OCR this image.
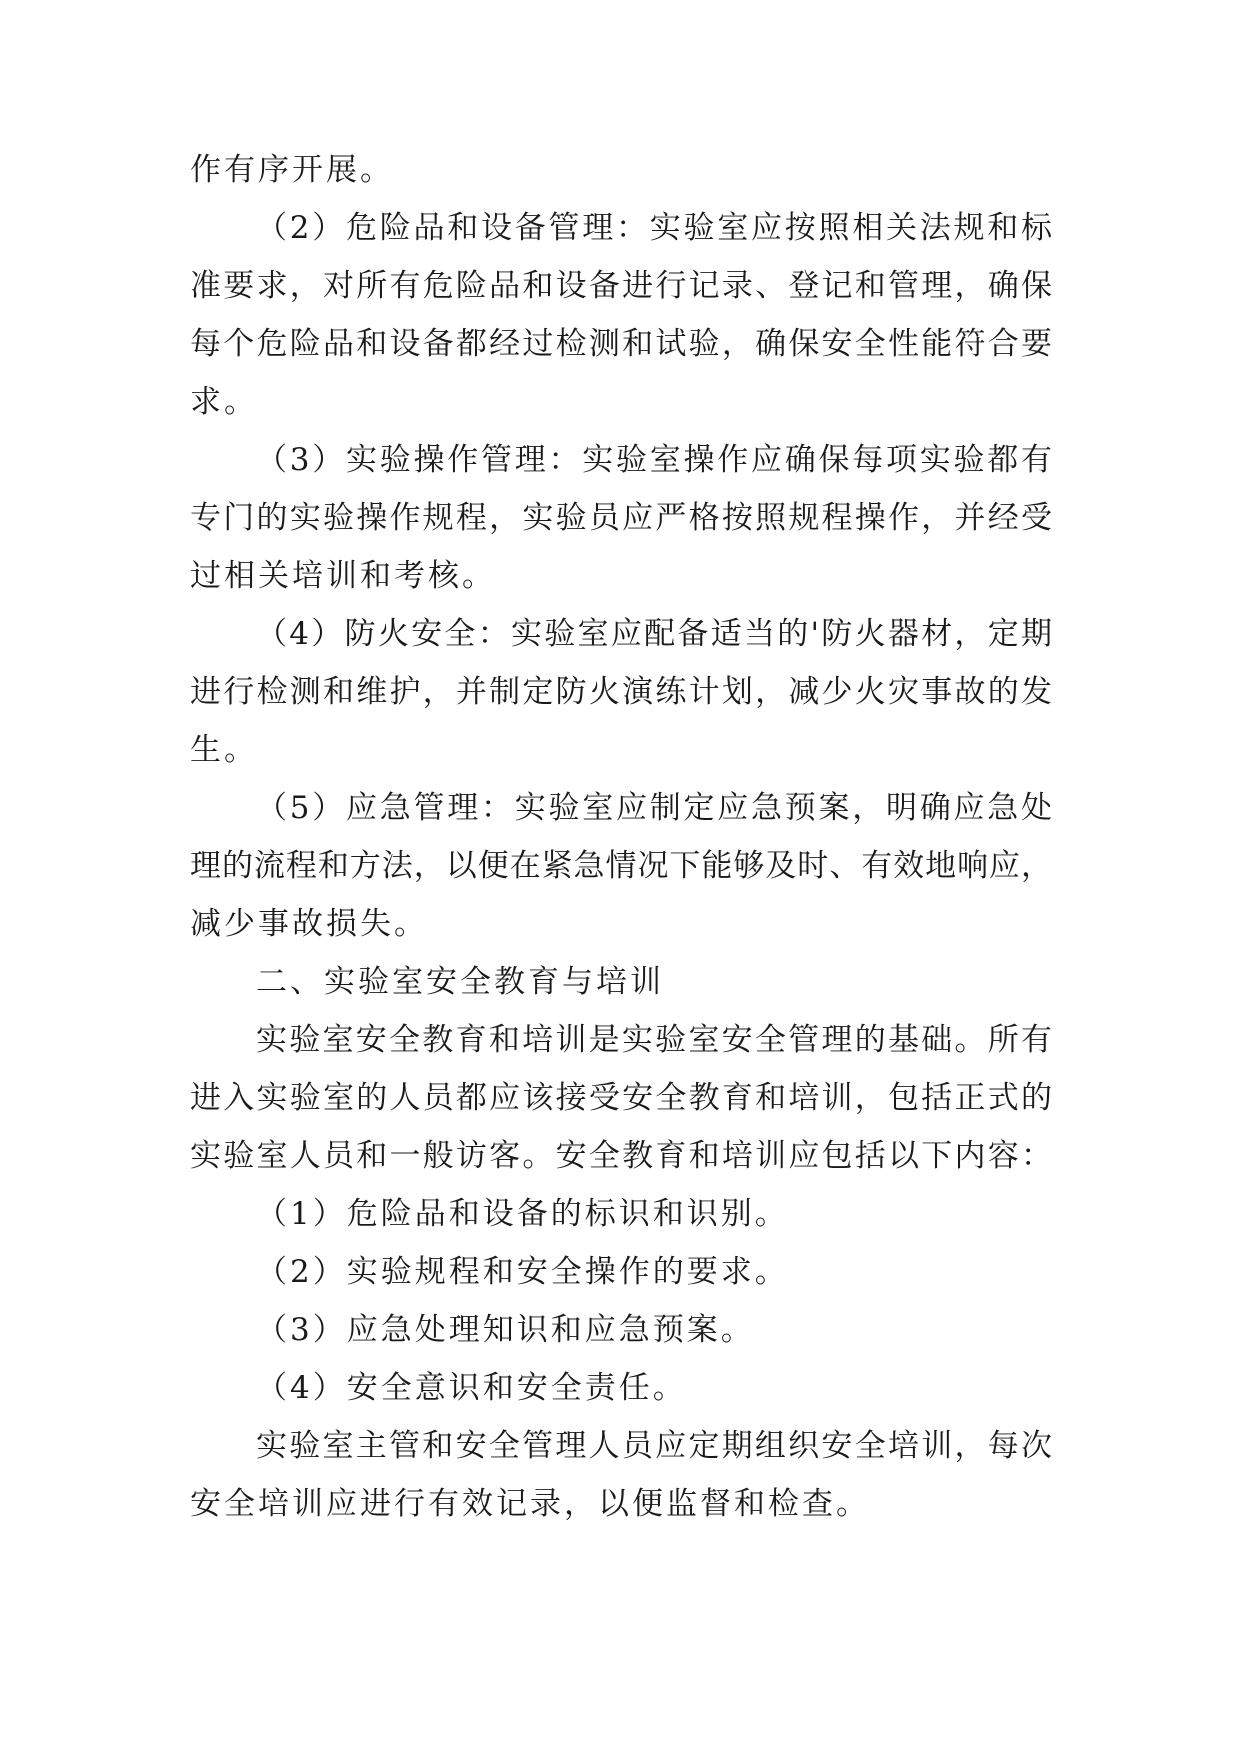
作有序开展。
（2）危险品和设备管理：实验室应按照相关法规和标
准要求，对所有危险品和设备进行记录、登记和管理，确保
每个危险品和设备都经过检测和试验，确保安全性能符合要
求。
（3）实验操作管理：实验室操作应确保每项实验都有
专门的实验操作规程，实验员应严格按照规程操作，并经受
过相关培训和考核。
（4）防火安全：实验室应配备适当的'防火器材，定期
进行检测和维护，并制定防火演练计划，减少火灾事故的发
生。
（5）应急管理：实验室应制定应急预案，明确应急处
理的流程和方法，以便在紧急情况下能够及时、有效地响应，
减少事故损失。
二、实验室安全教育与培训
实验室安全教育和培训是实验室安全管理的基础。所有
进入实验室的人员都应该接受安全教育和培训，包括正式的
实验室人员和一般访客。安全教育和培训应包括以下内容：
（1）危险品和设备的标识和识别。
（2）实验规程和安全操作的要求。
（3）应急处理知识和应急预案。
（4）安全意识和安全责任。
实验室主管和安全管理人员应定期组织安全培训，每次
安全培训应进行有效记录，以便监督和检查。
